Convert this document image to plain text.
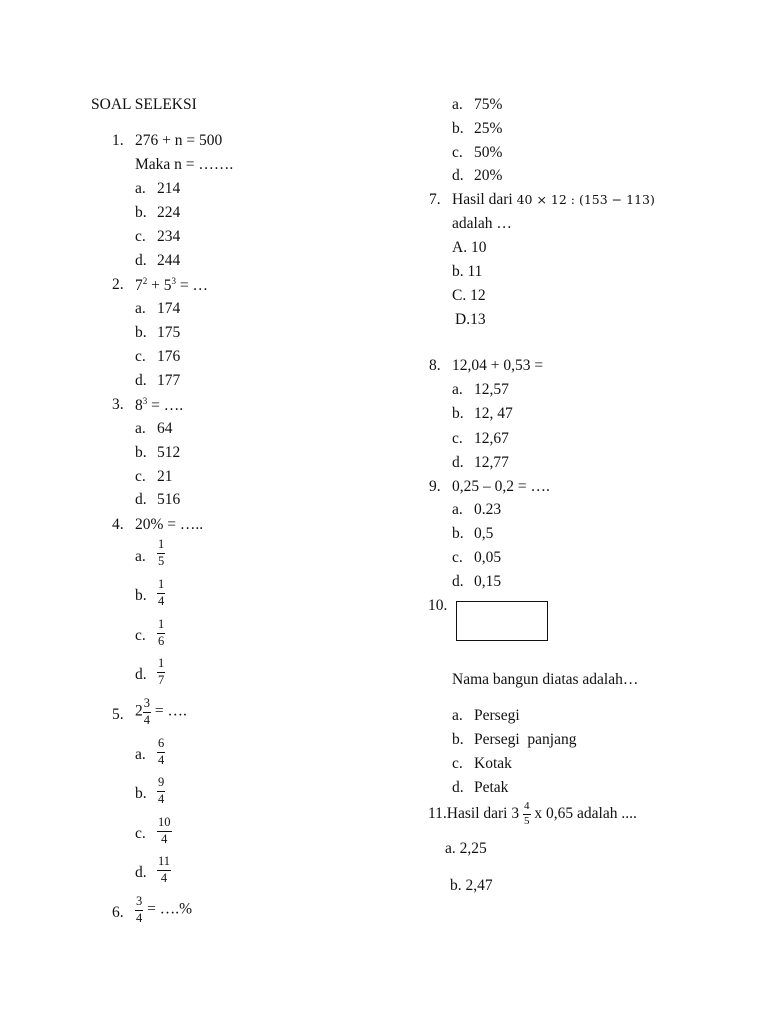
SOAL SELEKSI
1. 276 + n = 500
Maka n = …….
a. 214
b. 224
c. 234
d. 244
2. $7^2 + 5^3$ = …
a. 174
b. 175
c. 176
d. 177
3. $8^3$ = ….
a. 64
b. 512
c. 21
d. 516
4. 20% = …..
a. $\frac{1}{5}$
b. $\frac{1}{4}$
c. $\frac{1}{6}$
d. $\frac{1}{7}$
5. $2 \frac{3}{4}$ = ….
a. $\frac{6}{4}$
b. $\frac{9}{4}$
c. $\frac{10}{4}$
d. $\frac{11}{4}$
6. $\frac{3}{4}$ = ….%
a. 75%
b. 25%
c. 50%
d. 20%
7. Hasil dari 40 × 12 : (153 − 113)
adalah …
A. 10
b. 11
C. 12
D.13
8. 12,04 + 0,53 =
a. 12,57
b. 12, 47
c. 12,67
d. 12,77
9. 0,25 – 0,2 = ….
a. 0.23
b. 0,5
c. 0,05
d. 0,15
10.
Nama bangun diatas adalah…
a. Persegi
b. Persegi  panjang
c. Kotak
d. Petak
11.Hasil dari $3 \frac{4}{5}$ x 0,65 adalah ....
a. 2,25
b. 2,47
